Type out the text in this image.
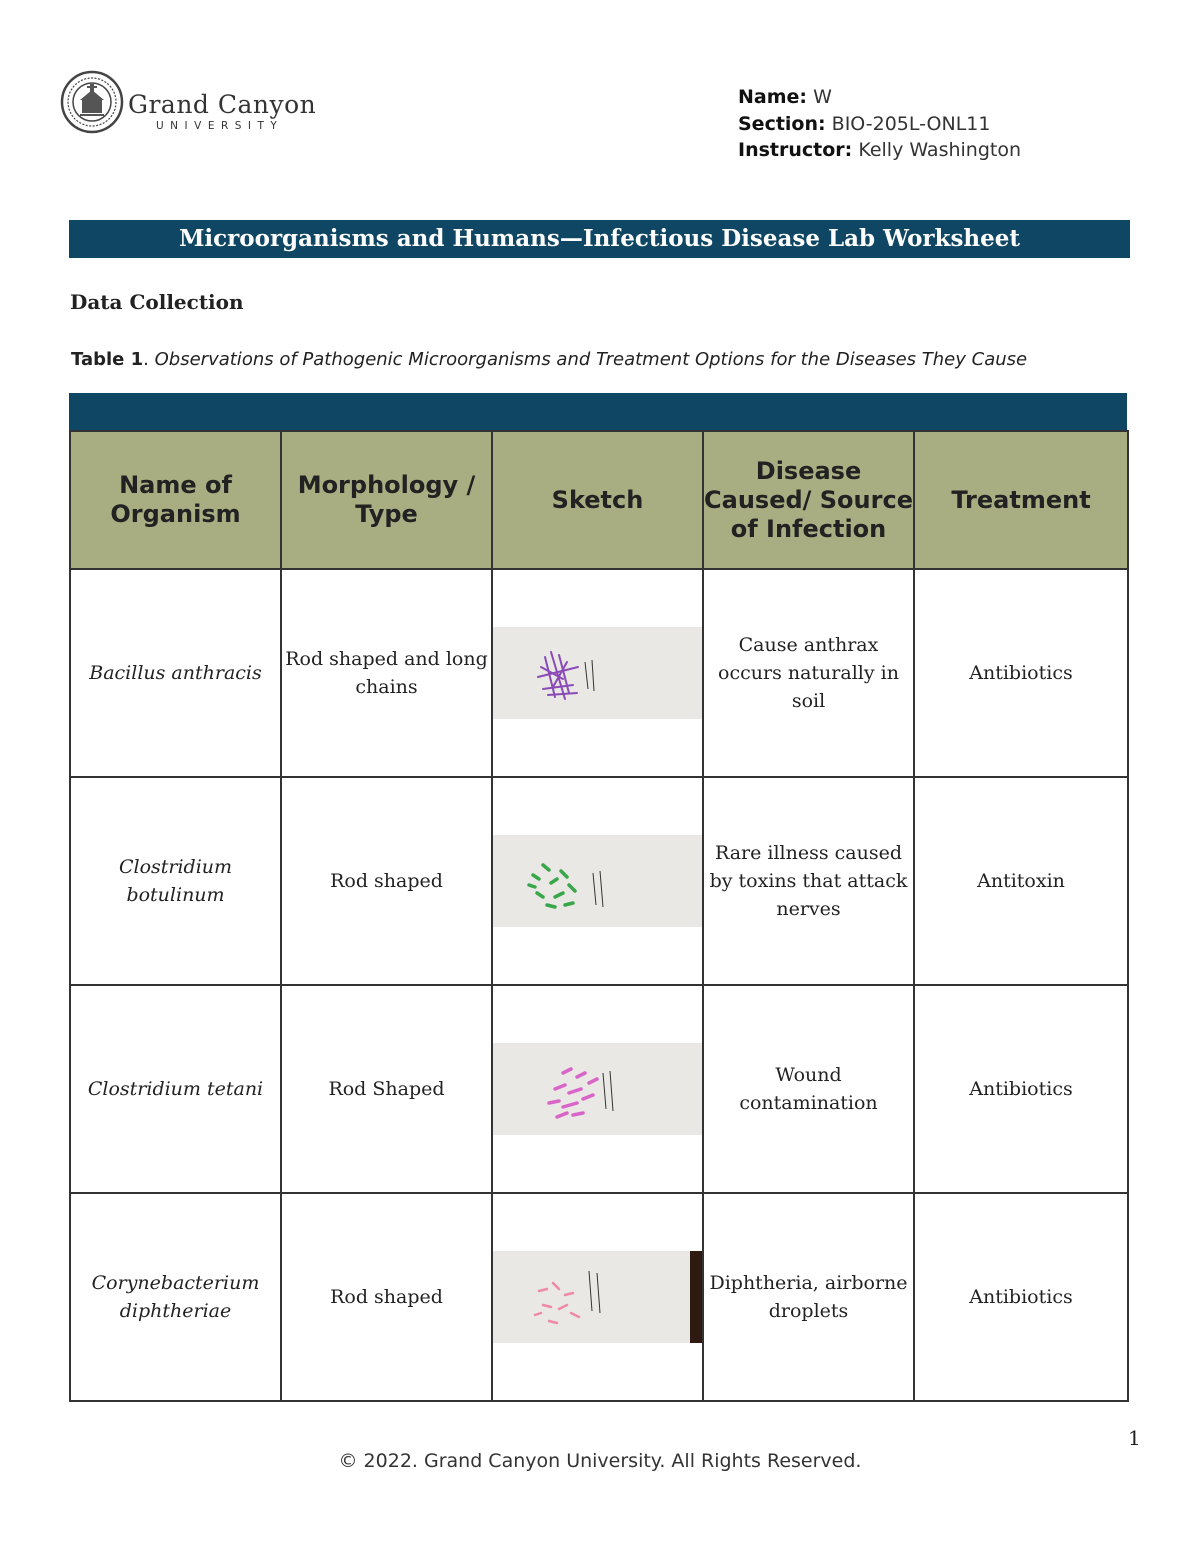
Grand Canyon
UNIVERSITY
Name: W
Section: BIO-205L-ONL11
Instructor: Kelly Washington
Microorganisms and Humans—Infectious Disease Lab Worksheet
Data Collection
Table 1. Observations of Pathogenic Microorganisms and Treatment Options for the Diseases They Cause
Name of Organism	Morphology / Type	Sketch	Disease Caused/ Source of Infection	Treatment
Bacillus anthracis	Rod shaped and long chains		Cause anthrax occurs naturally in soil	Antibiotics
Clostridium botulinum	Rod shaped		Rare illness caused by toxins that attack nerves	Antitoxin
Clostridium tetani	Rod Shaped		Wound contamination	Antibiotics
Corynebacterium diphtheriae	Rod shaped		Diphtheria, airborne droplets	Antibiotics
1
© 2022. Grand Canyon University. All Rights Reserved.
